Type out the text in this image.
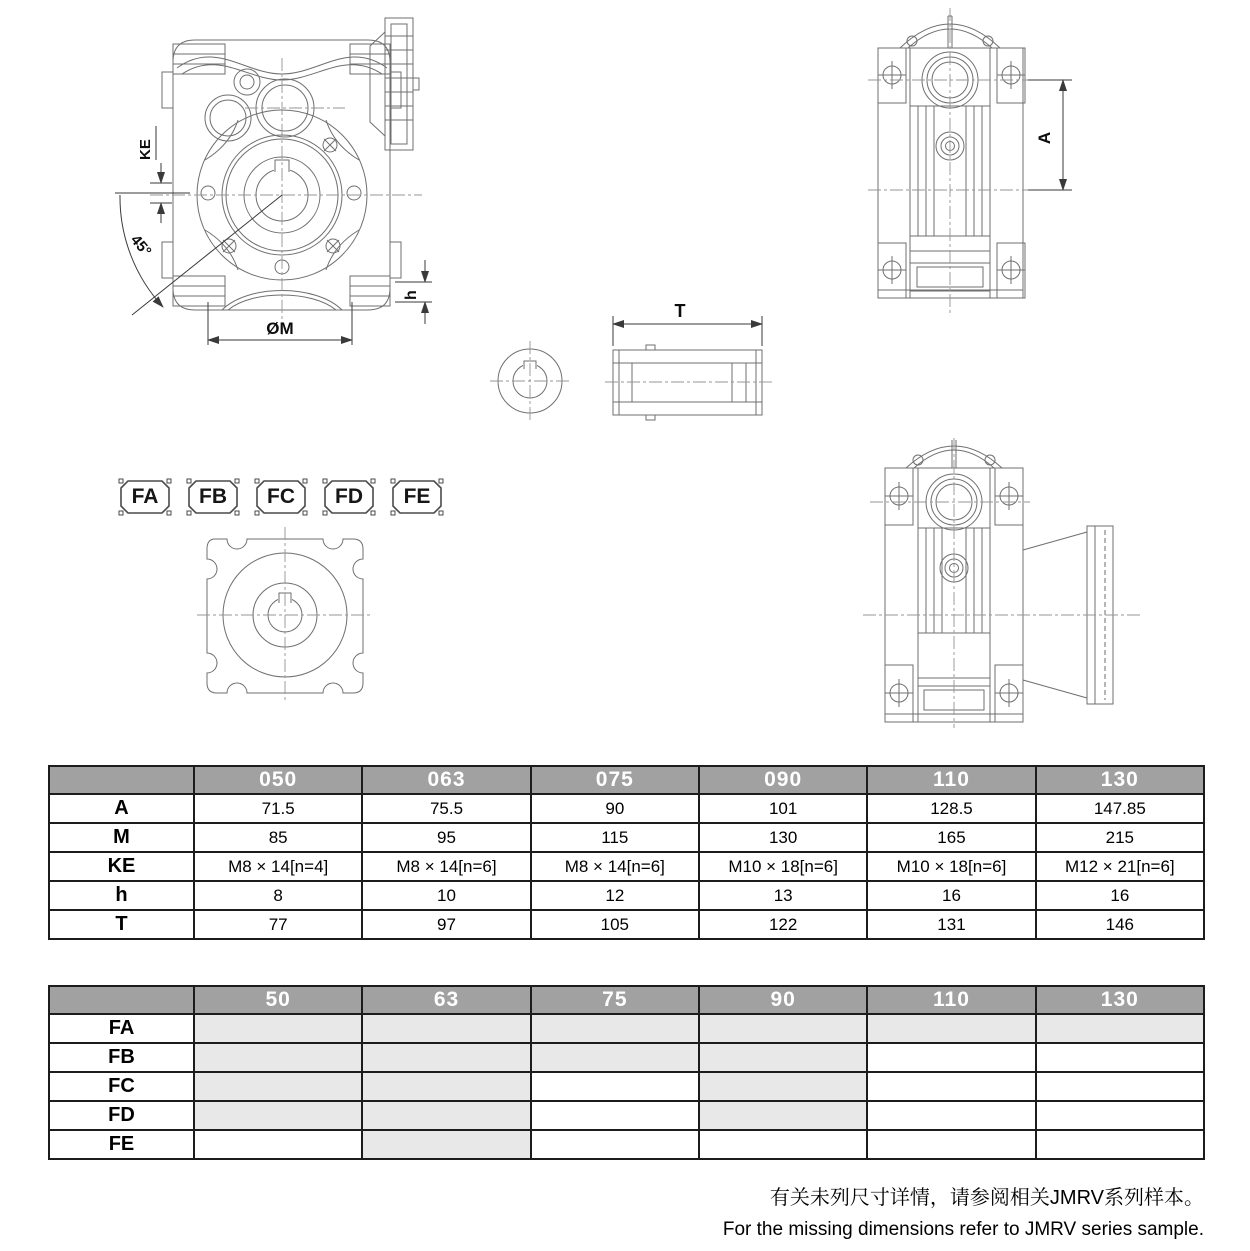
45°
KE
ØM
h
A
T
FA FB FC FD FE
	050	063	075	090	110	130
A	71.5	75.5	90	101	128.5	147.85
M	85	95	115	130	165	215
KE	M8 × 14[n=4]	M8 × 14[n=6]	M8 × 14[n=6]	M10 × 18[n=6]	M10 × 18[n=6]	M12 × 21[n=6]
h	8	10	12	13	16	16
T	77	97	105	122	131	146
	50	63	75	90	110	130
FA						
FB						
FC						
FD						
FE						
有关未列尺寸详情，请参阅相关JMRV系列样本。
For the missing dimensions refer to JMRV series sample.
